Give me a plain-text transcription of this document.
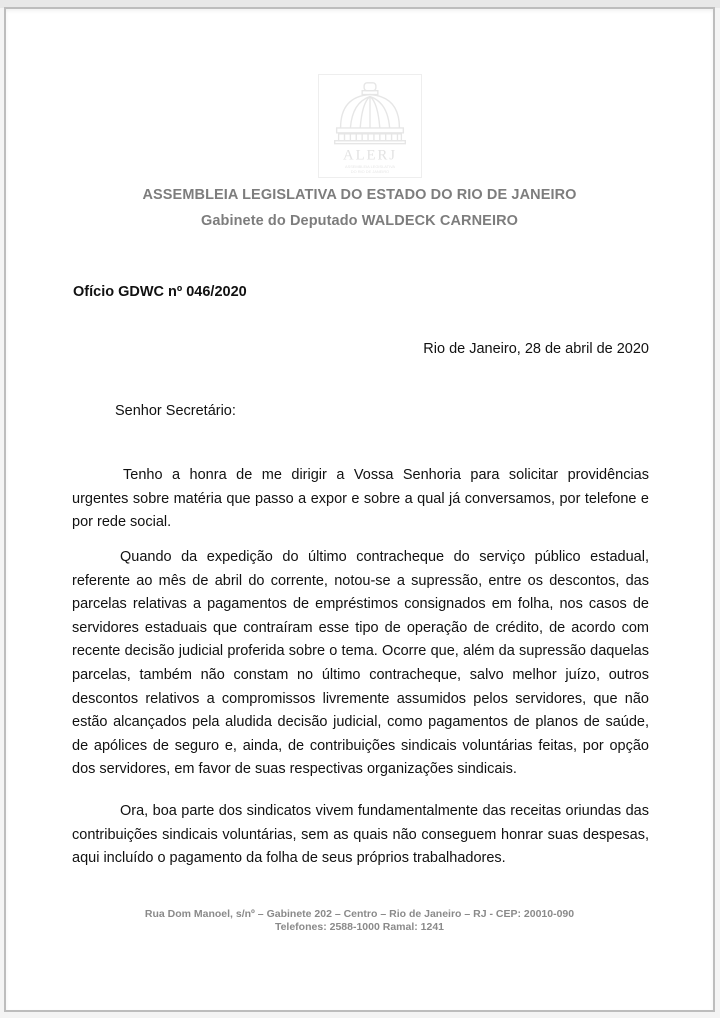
ALERJ
ASSEMBLEIA LEGISLATIVA
DO RIO DE JANEIRO
ASSEMBLEIA LEGISLATIVA DO ESTADO DO RIO DE JANEIRO
Gabinete do Deputado WALDECK CARNEIRO
Ofício GDWC nº 046/2020
Rio de Janeiro, 28 de abril de 2020
Senhor Secretário:

Tenho a honra de me dirigir a Vossa Senhoria para solicitar providências urgentes sobre matéria que passo a expor e sobre a qual já conversamos, por telefone e por rede social.

Quando da expedição do último contracheque do serviço público estadual, referente ao mês de abril do corrente, notou-se a supressão, entre os descontos, das parcelas relativas a pagamentos de empréstimos consignados em folha, nos casos de servidores estaduais que contraíram esse tipo de operação de crédito, de acordo com recente decisão judicial proferida sobre o tema. Ocorre que, além da supressão daquelas parcelas, também não constam no último contracheque, salvo melhor juízo, outros descontos relativos a compromissos livremente assumidos pelos servidores, que não estão alcançados pela aludida decisão judicial, como pagamentos de planos de saúde, de apólices de seguro e, ainda, de contribuições sindicais voluntárias feitas, por opção dos servidores, em favor de suas respectivas organizações sindicais.

Ora, boa parte dos sindicatos vivem fundamentalmente das receitas oriundas das contribuições sindicais voluntárias, sem as quais não conseguem honrar suas despesas, aqui incluído o pagamento da folha de seus próprios trabalhadores.

Rua Dom Manoel, s/nº – Gabinete 202 – Centro – Rio de Janeiro – RJ - CEP: 20010-090
Telefones: 2588-1000 Ramal: 1241
